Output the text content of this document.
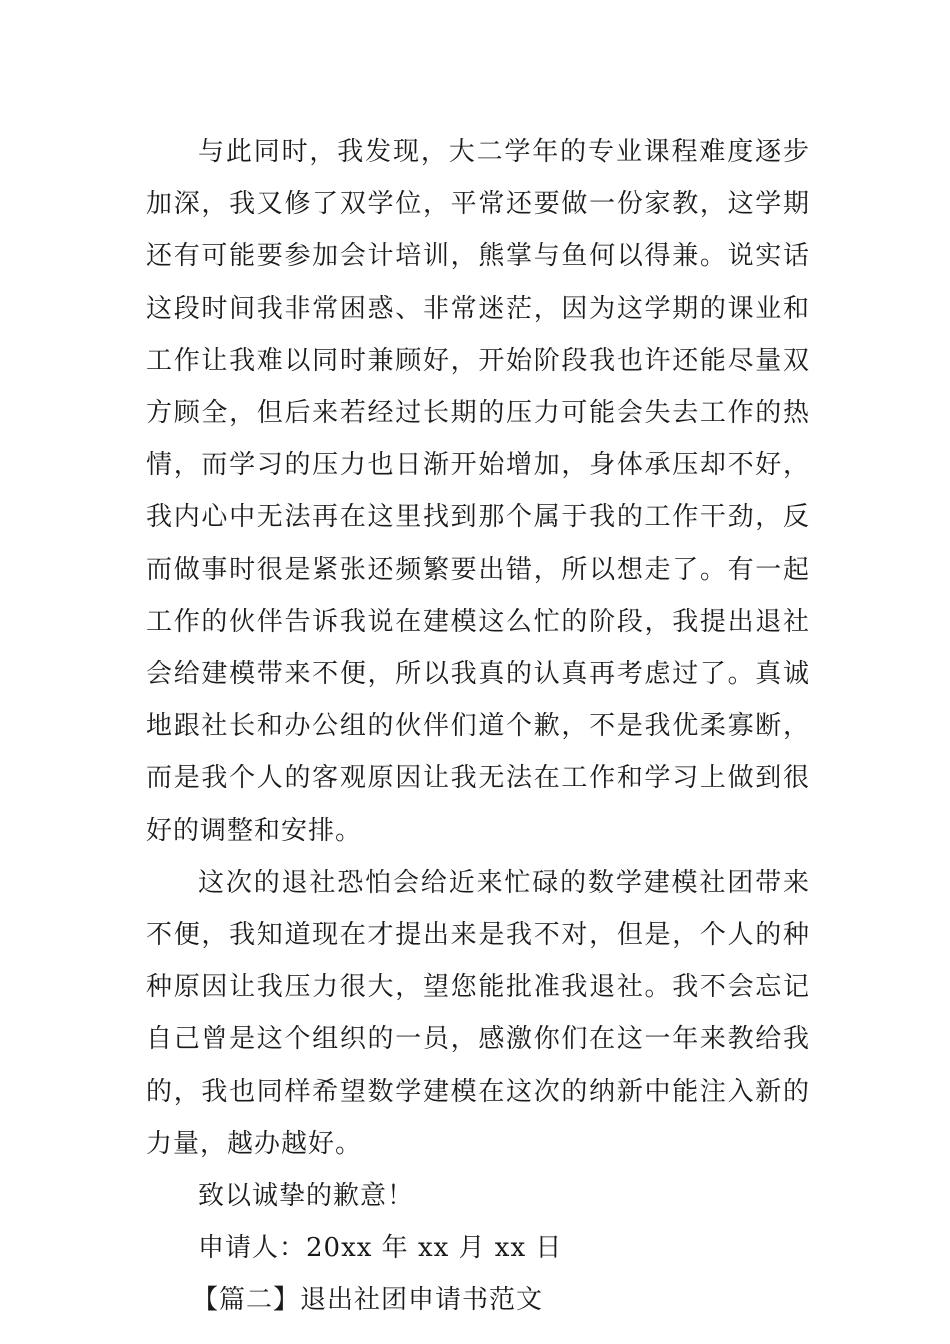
与此同时，我发现，大二学年的专业课程难度逐步加深，我又修了双学位，平常还要做一份家教，这学期还有可能要参加会计培训，熊掌与鱼何以得兼。说实话这段时间我非常困惑、非常迷茫，因为这学期的课业和工作让我难以同时兼顾好，开始阶段我也许还能尽量双方顾全，但后来若经过长期的压力可能会失去工作的热情，而学习的压力也日渐开始增加，身体承压却不好，我内心中无法再在这里找到那个属于我的工作干劲，反而做事时很是紧张还频繁要出错，所以想走了。有一起工作的伙伴告诉我说在建模这么忙的阶段，我提出退社会给建模带来不便，所以我真的认真再考虑过了。真诚地跟社长和办公组的伙伴们道个歉，不是我优柔寡断，而是我个人的客观原因让我无法在工作和学习上做到很好的调整和安排。

这次的退社恐怕会给近来忙碌的数学建模社团带来不便，我知道现在才提出来是我不对，但是，个人的种种原因让我压力很大，望您能批准我退社。我不会忘记自己曾是这个组织的一员，感激你们在这一年来教给我的，我也同样希望数学建模在这次的纳新中能注入新的力量，越办越好。

致以诚挚的歉意！

申请人：20xx 年 xx 月 xx 日

【篇二】退出社团申请书范文
